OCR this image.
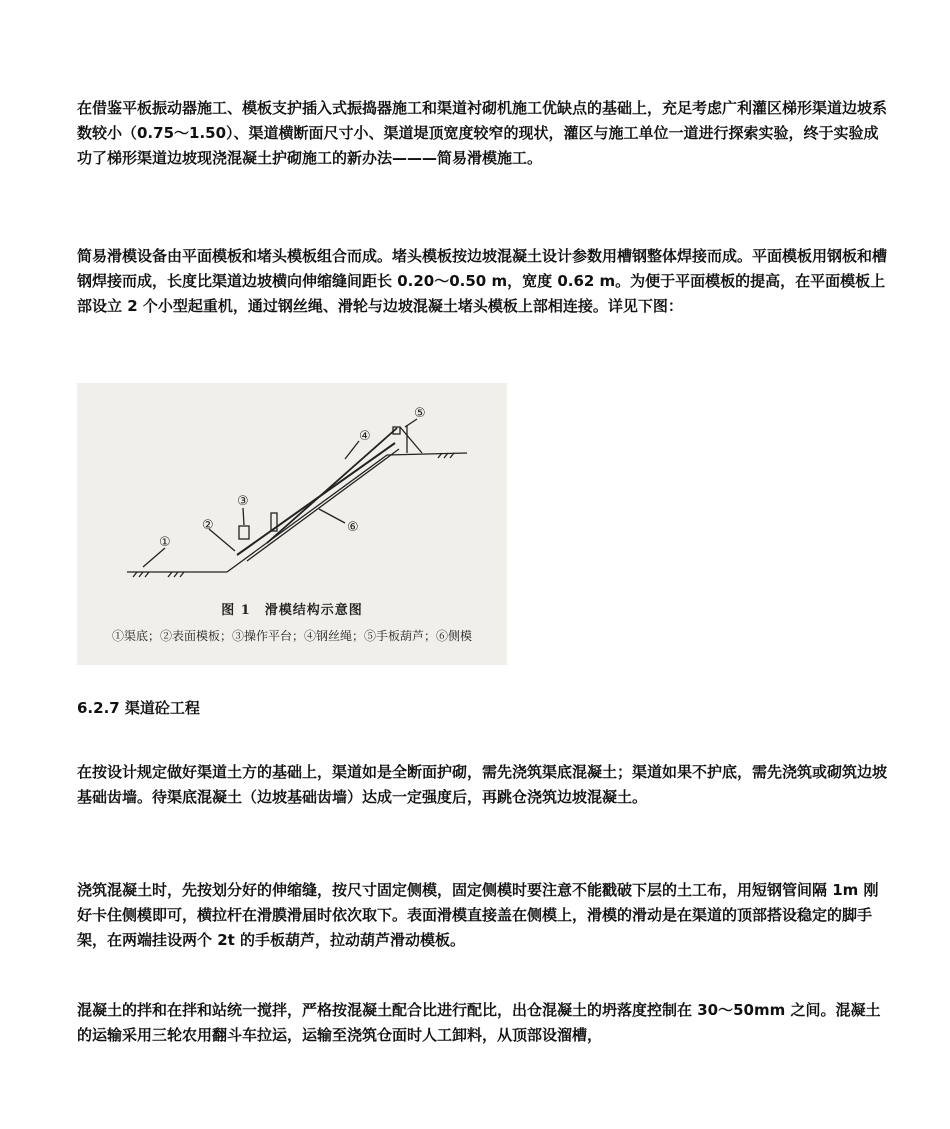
在借鉴平板振动器施工、模板支护插入式振捣器施工和渠道衬砌机施工优缺点的基础上，充足考虑广利灌区梯形渠道边坡系数较小（0.75～1.50）、渠道横断面尺寸小、渠道堤顶宽度较窄的现状，灌区与施工单位一道进行探索实验，终于实验成功了梯形渠道边坡现浇混凝土护砌施工的新办法———简易滑模施工。

简易滑模设备由平面模板和堵头模板组合而成。堵头模板按边坡混凝土设计参数用槽钢整体焊接而成。平面模板用钢板和槽钢焊接而成，长度比渠道边坡横向伸缩缝间距长 0.20～0.50 m，宽度 0.62 m。为便于平面模板的提高，在平面模板上部设立 2 个小型起重机，通过钢丝绳、滑轮与边坡混凝土堵头模板上部相连接。详见下图：

①
②
③
④
⑤
⑥
图 1　滑模结构示意图
①渠底；②表面模板；③操作平台；④钢丝绳；⑤手板葫芦；⑥侧模

6.2.7 渠道砼工程

在按设计规定做好渠道土方的基础上，渠道如是全断面护砌，需先浇筑渠底混凝土；渠道如果不护底，需先浇筑或砌筑边坡基础齿墙。待渠底混凝土（边坡基础齿墙）达成一定强度后，再跳仓浇筑边坡混凝土。

浇筑混凝土时，先按划分好的伸缩缝，按尺寸固定侧模，固定侧模时要注意不能戳破下层的土工布，用短钢管间隔 1m 刚好卡住侧模即可，横拉杆在滑膜滑届时依次取下。表面滑模直接盖在侧模上，滑模的滑动是在渠道的顶部搭设稳定的脚手架，在两端挂设两个 2t 的手板葫芦，拉动葫芦滑动模板。

混凝土的拌和在拌和站统一搅拌，严格按混凝土配合比进行配比，出仓混凝土的坍落度控制在 30～50mm 之间。混凝土的运输采用三轮农用翻斗车拉运，运输至浇筑仓面时人工卸料，从顶部设溜槽，
